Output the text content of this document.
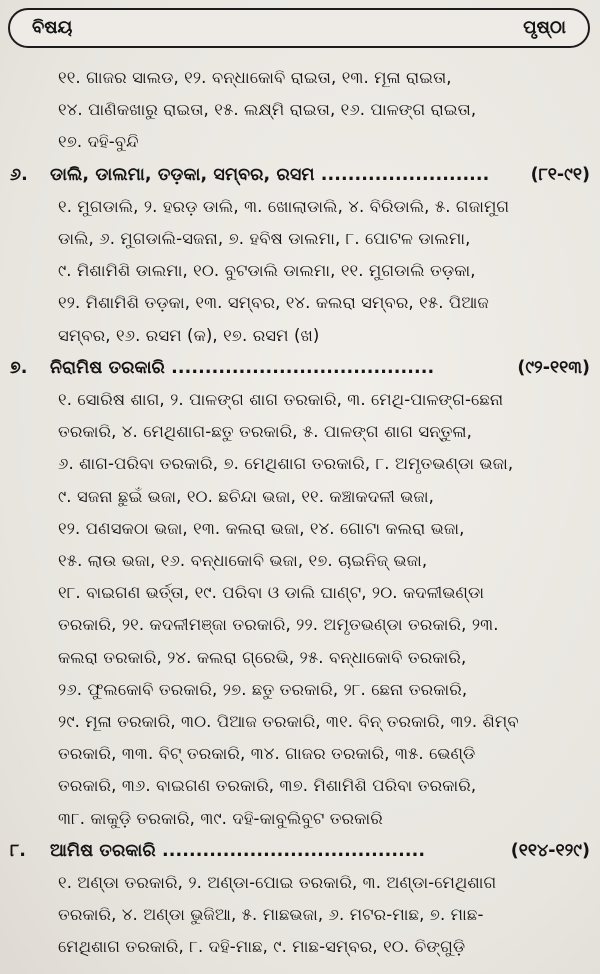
ବିଷୟ	ପୃଷ୍ଠା
୧୧. ଗାଜର ସାଲଡ, ୧୨. ବନ୍ଧାକୋବି ରାଇତା, ୧୩. ମୂଳା ରାଇତା,
୧୪. ପାଣିକଖାରୁ ରାଇତା, ୧୫. ଲକ୍ଷ୍ମି ରାଇତା, ୧୬. ପାଳଙ୍ଗ ରାଇତା,
୧୭. ଦହି-ବୁନ୍ଦି
୬. ଡାଲି, ଡାଲମା, ତଡ଼କା, ସମ୍ବର, ରସମ ......................... (୮୧-୯୧)
୧. ମୁଗଡାଲି, ୨. ହରଡ଼ ଡାଲି, ୩. ଖୋଲାଡାଲି, ୪. ବିରିଡାଲି, ୫. ଗଜାମୁଗ
ଡାଲି, ୬. ମୁଗଡାଲି-ସଜନା, ୭. ହବିଷ ଡାଲମା, ୮. ପୋଟଳ ଡାଲମା,
୯. ମିଶାମିଶି ଡାଲମା, ୧୦. ବୁଟଡାଲି ଡାଲମା, ୧୧. ମୁଗଡାଲି ତଡ଼କା,
୧୨. ମିଶାମିଶି ତଡ଼କା, ୧୩. ସମ୍ବର, ୧୪. କଲରା ସମ୍ବର, ୧୫. ପିଆଜ
ସମ୍ବର, ୧୬. ରସମ (କ), ୧୭. ରସମ (ଖ)
୭. ନିରାମିଷ ତରକାରି .......................................	(୯୨-୧୧୩)
୧. ସୋରିଷ ଶାଗ, ୨. ପାଳଙ୍ଗ ଶାଗ ତରକାରି, ୩. ମେଥି-ପାଳଙ୍ଗ-ଛେନା
ତରକାରି, ୪. ମେଥିଶାଗ-ଛତୁ ତରକାରି, ୫. ପାଳଙ୍ଗ ଶାଗ ସନ୍ତୁଳା,
୬. ଶାଗ-ପରିବା ତରକାରି, ୭. ମେଥିଶାଗ ତରକାରି, ୮. ଅମୃତଭଣ୍ଡା ଭଜା,
୯. ସଜନା ଛୁଇଁ ଭଜା, ୧୦. ଛଚିନ୍ଦା ଭଜା, ୧୧. କଞ୍ଚାକଦଳୀ ଭଜା,
୧୨. ପଣସକଠା ଭଜା, ୧୩. କଲରା ଭଜା, ୧୪. ଗୋଟା କଲରା ଭଜା,
୧୫. ଲାଉ ଭଜା, ୧୬. ବନ୍ଧାକୋବି ଭଜା, ୧୭. ଚାଇନିଜ୍ ଭଜା,
୧୮. ବାଇଗଣ ଭର୍ତ୍ତା, ୧୯. ପରିବା ଓ ଡାଲି ଘାଣ୍ଟ, ୨୦. କଦଳୀଭଣ୍ଡା
ତରକାରି, ୨୧. କଦଳୀମଞ୍ଜା ତରକାରି, ୨୨. ଅମୃତଭଣ୍ଡା ତରକାରି, ୨୩.
କଲରା ତରକାରି, ୨୪. କଲରା ଗ୍ରେଭି, ୨୫. ବନ୍ଧାକୋବି ତରକାରି,
୨୬. ଫୁଲକୋବି ତରକାରି, ୨୭. ଛତୁ ତରକାରି, ୨୮. ଛେନା ତରକାରି,
୨୯. ମୂଳା ତରକାରି, ୩୦. ପିଆଜ ତରକାରି, ୩୧. ବିନ୍ ତରକାରି, ୩୨. ଶିମ୍ବ
ତରକାରି, ୩୩. ବିଟ୍ ତରକାରି, ୩୪. ଗାଜର ତରକାରି, ୩୫. ଭେଣ୍ଡି
ତରକାରି, ୩୬. ବାଇଗଣ ତରକାରି, ୩୭. ମିଶାମିଶି ପରିବା ତରକାରି,
୩୮. କାକୁଡ଼ି ତରକାରି, ୩୯. ଦହି-କାବୁଲିବୁଟ ତରକାରି
୮. ଆମିଷ ତରକାରି .......................................	(୧୧୪-୧୨୯)
୧. ଅଣ୍ଡା ତରକାରି, ୨. ଅଣ୍ଡା-ପୋଇ ତରକାରି, ୩. ଅଣ୍ଡା-ମେଥିଶାଗ
ତରକାରି, ୪. ଅଣ୍ଡା ଭୁଜିଆ, ୫. ମାଛଭଜା, ୬. ମଟର-ମାଛ, ୭. ମାଛ-
ମେଥିଶାଗ ତରକାରି, ୮. ଦହି-ମାଛ, ୯. ମାଛ-ସମ୍ବର, ୧୦. ଚିଙ୍ଗୁଡ଼ି
